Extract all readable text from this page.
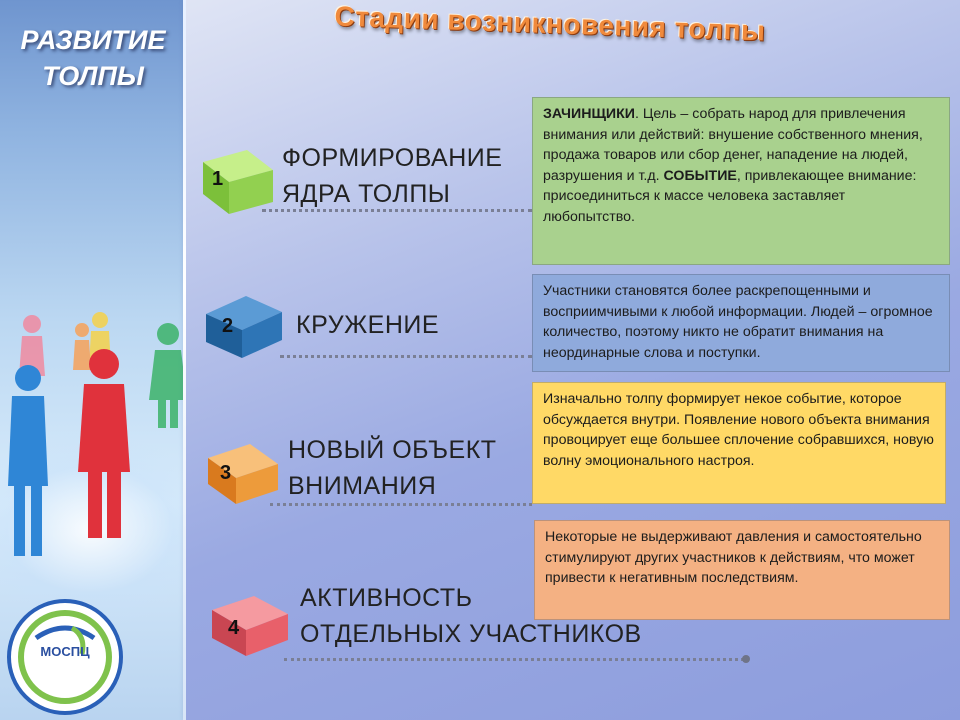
РАЗВИТИЕ
ТОЛПЫ
МОСПЦ
Стадии возникновения толпы
1
ФОРМИРОВАНИЕ
ЯДРА ТОЛПЫ
ЗАЧИНЩИКИ. Цель – собрать народ для привлечения внимания или действий: внушение собственного мнения, продажа товаров или сбор денег, нападение на людей, разрушения и т.д. СОБЫТИЕ, привлекающее внимание: присоединиться к массе человека заставляет любопытство.
2	КРУЖЕНИЕ
Участники становятся более раскрепощенными и восприимчивыми к любой информации. Людей – огромное количество, поэтому никто не обратит внимания на неординарные слова и поступки.
3
НОВЫЙ ОБЪЕКТ
ВНИМАНИЯ
Изначально толпу формирует некое событие, которое обсуждается внутри. Появление нового объекта внимания провоцирует еще большее сплочение собравшихся, новую волну эмоционального настроя.
4
АКТИВНОСТЬ
ОТДЕЛЬНЫХ УЧАСТНИКОВ
Некоторые не выдерживают давления и самостоятельно стимулируют других участников к действиям, что может привести к негативным последствиям.
